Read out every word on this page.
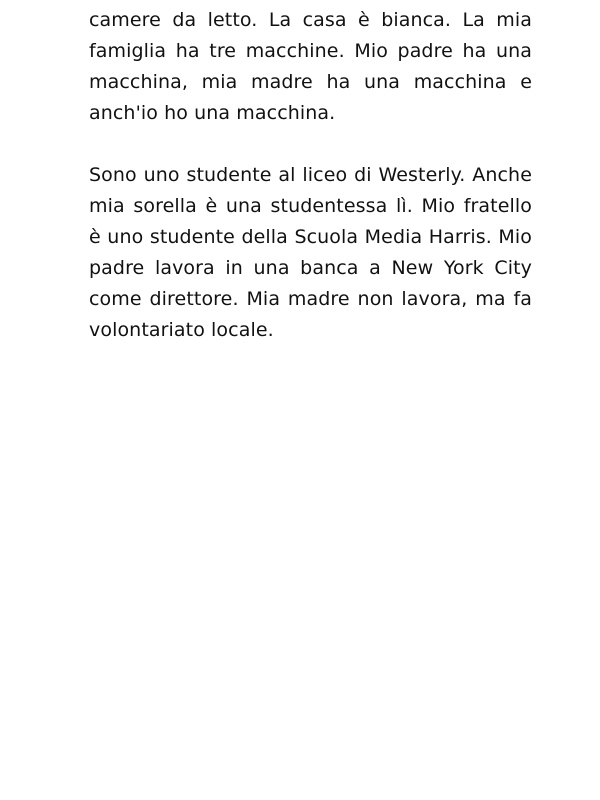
camere da letto. La casa è bianca. La mia famiglia ha tre macchine. Mio padre ha una macchina, mia madre ha una macchina e anch'io ho una macchina.

Sono uno studente al liceo di Westerly. Anche mia sorella è una studentessa lì. Mio fratello è uno studente della Scuola Media Harris. Mio padre lavora in una banca a New York City come direttore. Mia madre non lavora, ma fa volontariato locale.
